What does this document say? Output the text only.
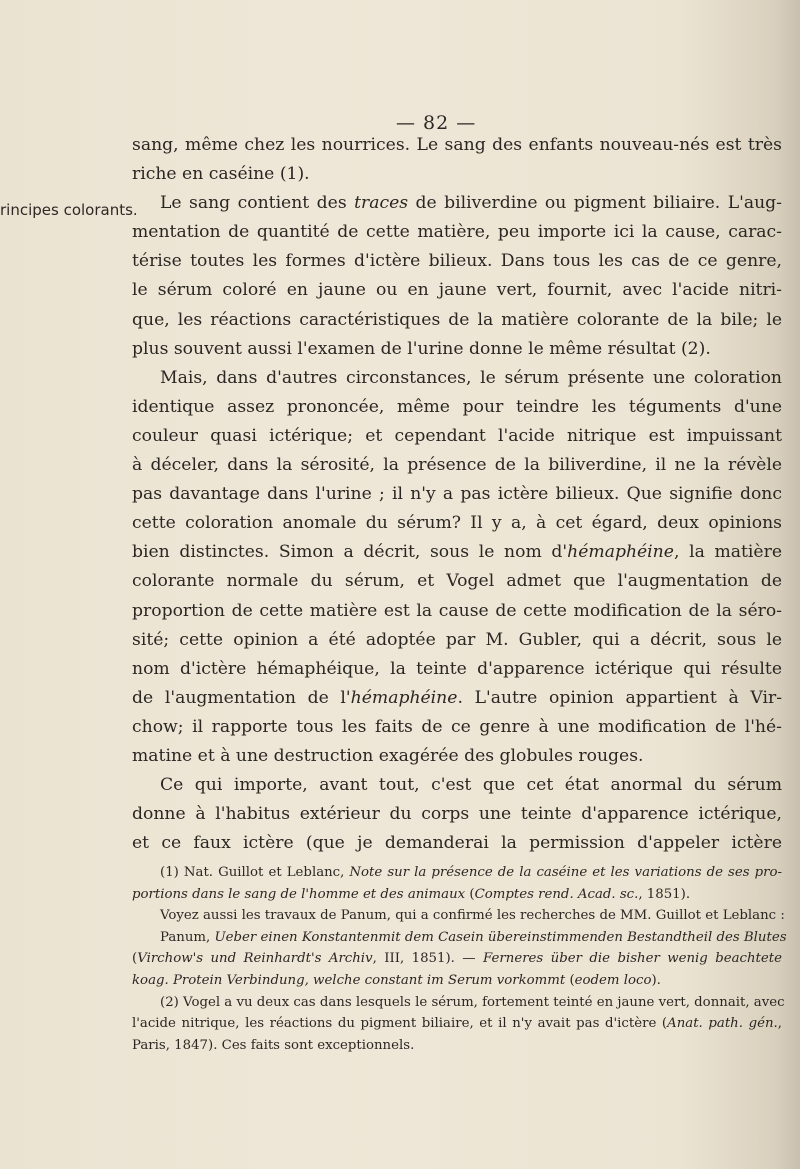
— 82 —
rincipes colorants.
sang, même chez les nourrices. Le sang des enfants nouveau-nés est très
riche en caséine (1).
Le sang contient des traces de biliverdine ou pigment biliaire. L'aug-
mentation de quantité de cette matière, peu importe ici la cause, carac-
térise toutes les formes d'ictère bilieux. Dans tous les cas de ce genre,
le sérum coloré en jaune ou en jaune vert, fournit, avec l'acide nitri-
que, les réactions caractéristiques de la matière colorante de la bile; le
plus souvent aussi l'examen de l'urine donne le même résultat (2).
Mais, dans d'autres circonstances, le sérum présente une coloration
identique assez prononcée, même pour teindre les téguments d'une
couleur quasi ictérique; et cependant l'acide nitrique est impuissant
à déceler, dans la sérosité, la présence de la biliverdine, il ne la révèle
pas davantage dans l'urine ; il n'y a pas ictère bilieux. Que signifie donc
cette coloration anomale du sérum? Il y a, à cet égard, deux opinions
bien distinctes. Simon a décrit, sous le nom d'hémaphéine, la matière
colorante normale du sérum, et Vogel admet que l'augmentation de
proportion de cette matière est la cause de cette modification de la séro-
sité; cette opinion a été adoptée par M. Gubler, qui a décrit, sous le
nom d'ictère hémaphéique, la teinte d'apparence ictérique qui résulte
de l'augmentation de l'hémaphéine. L'autre opinion appartient à Vir-
chow; il rapporte tous les faits de ce genre à une modification de l'hé-
matine et à une destruction exagérée des globules rouges.
Ce qui importe, avant tout, c'est que cet état anormal du sérum
donne à l'habitus extérieur du corps une teinte d'apparence ictérique,
et ce faux ictère (que je demanderai la permission d'appeler ictère
(1) Nat. Guillot et Leblanc, Note sur la présence de la caséine et les variations de ses pro-
portions dans le sang de l'homme et des animaux (Comptes rend. Acad. sc., 1851).
Voyez aussi les travaux de Panum, qui a confirmé les recherches de MM. Guillot et Leblanc :
Panum, Ueber einen Konstantenmit dem Casein übereinstimmenden Bestandtheil des Blutes
(Virchow's und Reinhardt's Archiv, III, 1851). — Ferneres über die bisher wenig beachtete
koag. Protein Verbindung, welche constant im Serum vorkommt (eodem loco).
(2) Vogel a vu deux cas dans lesquels le sérum, fortement teinté en jaune vert, donnait, avec
l'acide nitrique, les réactions du pigment biliaire, et il n'y avait pas d'ictère (Anat. path. gén.,
Paris, 1847). Ces faits sont exceptionnels.
